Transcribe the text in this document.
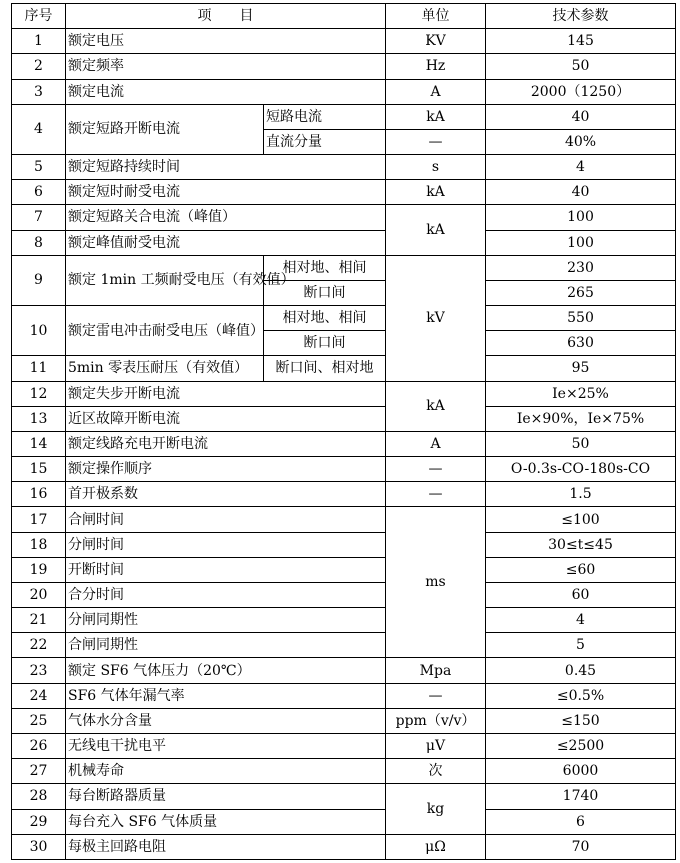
序号	项　　目		单位	技术参数
1	额定电压		KV	145
2	额定频率		Hz	50
3	额定电流		A	2000（1250）
4	额定短路开断电流	短路电流	kA	40
		直流分量	—	40%
5	额定短路持续时间		s	4
6	额定短时耐受电流		kA	40
7	额定短路关合电流（峰值）		kA	100
8	额定峰值耐受电流			100
9	额定 1min 工频耐受电压（有效值）	相对地、相间	kV	230
		断口间		265
10	额定雷电冲击耐受电压（峰值）	相对地、相间		550
		断口间		630
11	5min 零表压耐压（有效值）	断口间、相对地		95
12	额定失步开断电流		kA	Ie×25%
13	近区故障开断电流			Ie×90%，Ie×75%
14	额定线路充电开断电流		A	50
15	额定操作顺序		—	O-0.3s-CO-180s-CO
16	首开极系数		—	1.5
17	合闸时间		ms	≤100
18	分闸时间			30≤t≤45
19	开断时间			≤60
20	合分时间			60
21	分闸同期性			4
22	合闸同期性			5
23	额定 SF6 气体压力（20℃）		Mpa	0.45
24	SF6 气体年漏气率		—	≤0.5%
25	气体水分含量		ppm（v/v）	≤150
26	无线电干扰电平		μV	≤2500
27	机械寿命		次	6000
28	每台断路器质量		kg	1740
29	每台充入 SF6 气体质量			6
30	每极主回路电阻		μΩ	70
